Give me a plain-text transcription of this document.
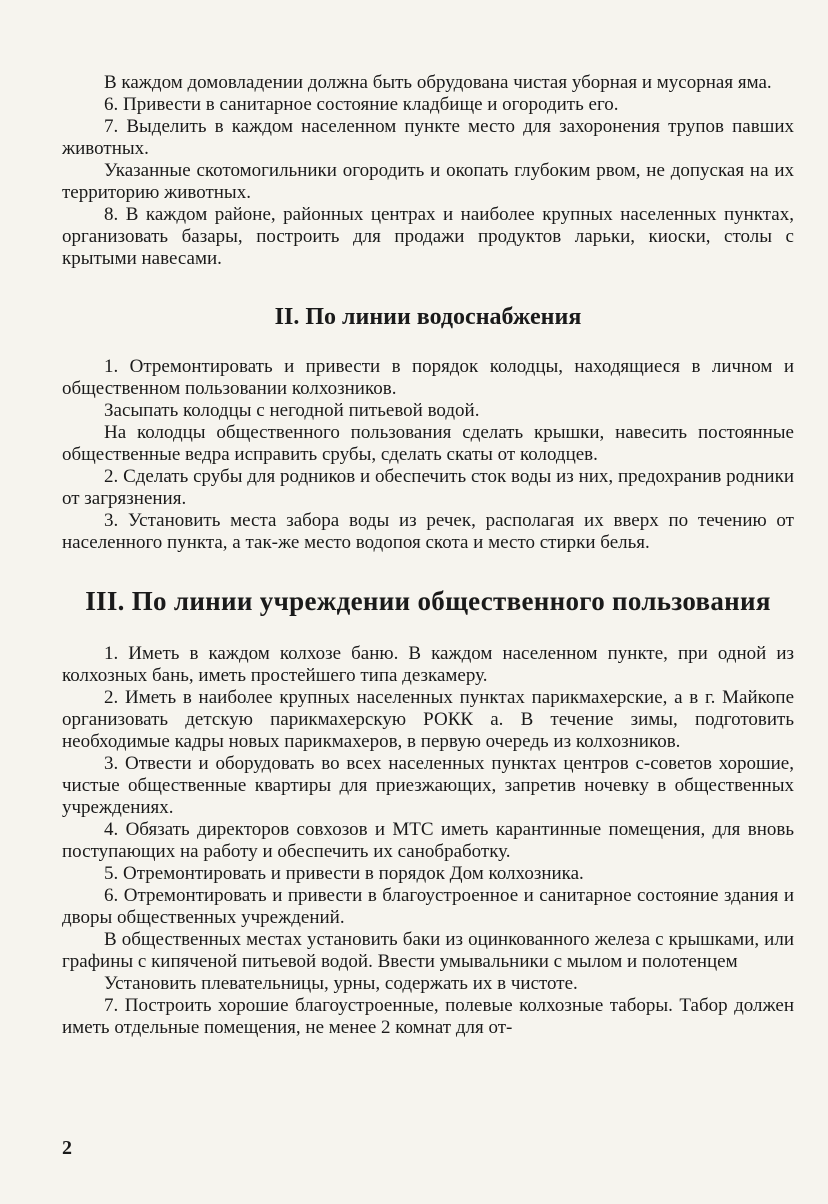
В каждом домовладении должна быть обрудована чистая уборная и мусорная яма.

6. Привести в санитарное состояние кладбище и огородить его.

7. Выделить в каждом населенном пункте место для захоронения трупов павших животных.

Указанные скотомогильники огородить и окопать глубоким рвом, не допуская на их территорию животных.

8. В каждом районе, районных центрах и наиболее крупных населенных пунктах, организовать базары, построить для продажи продуктов ларьки, киоски, столы с крытыми навесами.

II. По линии водоснабжения

1. Отремонтировать и привести в порядок колодцы, находящиеся в личном и общественном пользовании колхозников.

Засыпать колодцы с негодной питьевой водой.

На колодцы общественного пользования сделать крышки, навесить постоянные общественные ведра исправить срубы, сделать скаты от колодцев.

2. Сделать срубы для родников и обеспечить сток воды из них, предохранив родники от загрязнения.

3. Установить места забора воды из речек, располагая их вверх по течению от населенного пункта, а так-же место водопоя скота и место стирки белья.

III. По линии учреждении общественного пользования

1. Иметь в каждом колхозе баню. В каждом населенном пункте, при одной из колхозных бань, иметь простейшего типа дезкамеру.

2. Иметь в наиболее крупных населенных пунктах парикмахерские, а в г. Майкопе организовать детскую парикмахерскую РОКК а. В течение зимы, подготовить необходимые кадры новых парикмахеров, в первую очередь из колхозников.

3. Отвести и оборудовать во всех населенных пунктах центров с-советов хорошие, чистые общественные квартиры для приезжающих, запретив ночевку в общественных учреждениях.

4. Обязать директоров совхозов и МТС иметь карантинные помещения, для вновь поступающих на работу и обеспечить их санобработку.

5. Отремонтировать и привести в порядок Дом колхозника.

6. Отремонтировать и привести в благоустроенное и санитарное состояние здания и дворы общественных учреждений.

В общественных местах установить баки из оцинкованного железа с крышками, или графины с кипяченой питьевой водой. Ввести умывальники с мылом и полотенцем

Установить плевательницы, урны, содержать их в чистоте.

7. Построить хорошие благоустроенные, полевые колхозные таборы. Табор должен иметь отдельные помещения, не менее 2 комнат для от-

2
